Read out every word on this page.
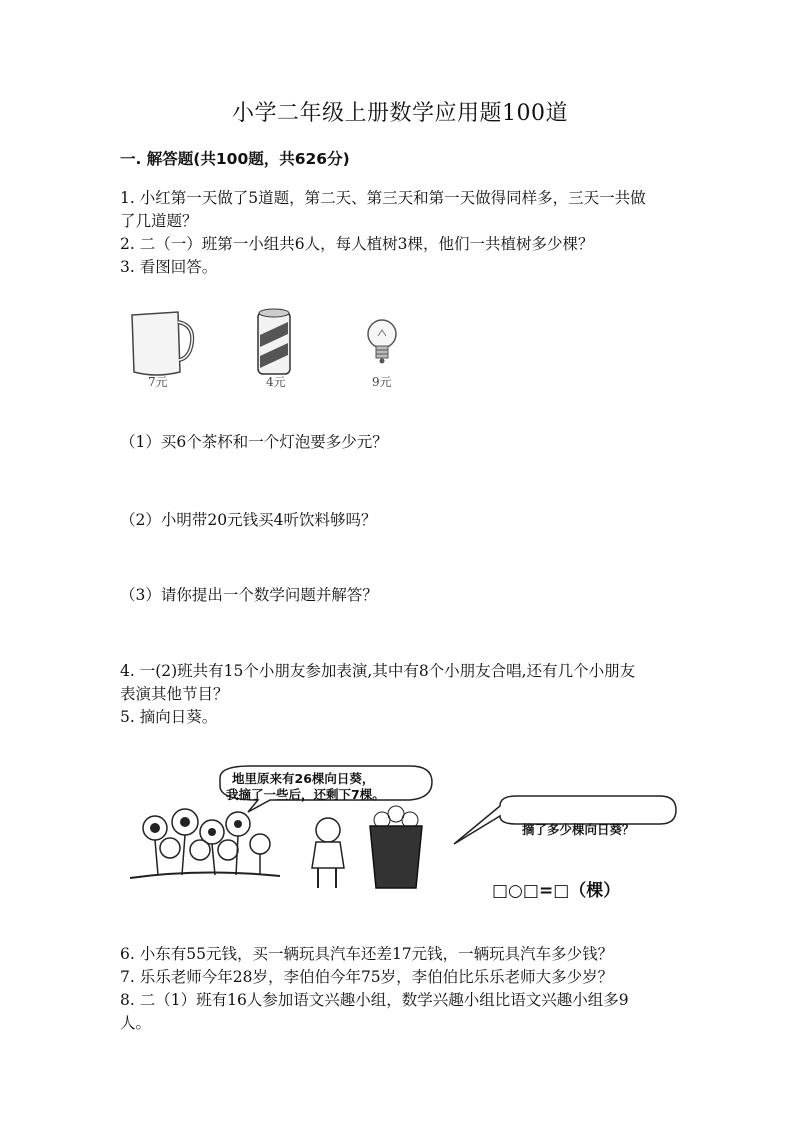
小学二年级上册数学应用题100道
一. 解答题(共100题，共626分)
1. 小红第一天做了5道题，第二天、第三天和第一天做得同样多，三天一共做
了几道题？
2. 二（一）班第一小组共6人，每人植树3棵，他们一共植树多少棵？
3. 看图回答。
7元	4元	9元
（1）买6个茶杯和一个灯泡要多少元？
（2）小明带20元钱买4听饮料够吗？
（3）请你提出一个数学问题并解答？
4. 一(2)班共有15个小朋友参加表演,其中有8个小朋友合唱,还有几个小朋友
表演其他节目？
5. 摘向日葵。
地里原来有26棵向日葵，
我摘了一些后，还剩下7棵。
摘了多少棵向日葵？
□○□=□（棵）
6. 小东有55元钱，买一辆玩具汽车还差17元钱，一辆玩具汽车多少钱？
7. 乐乐老师今年28岁，李伯伯今年75岁，李伯伯比乐乐老师大多少岁？
8. 二（1）班有16人参加语文兴趣小组，数学兴趣小组比语文兴趣小组多9
人。
